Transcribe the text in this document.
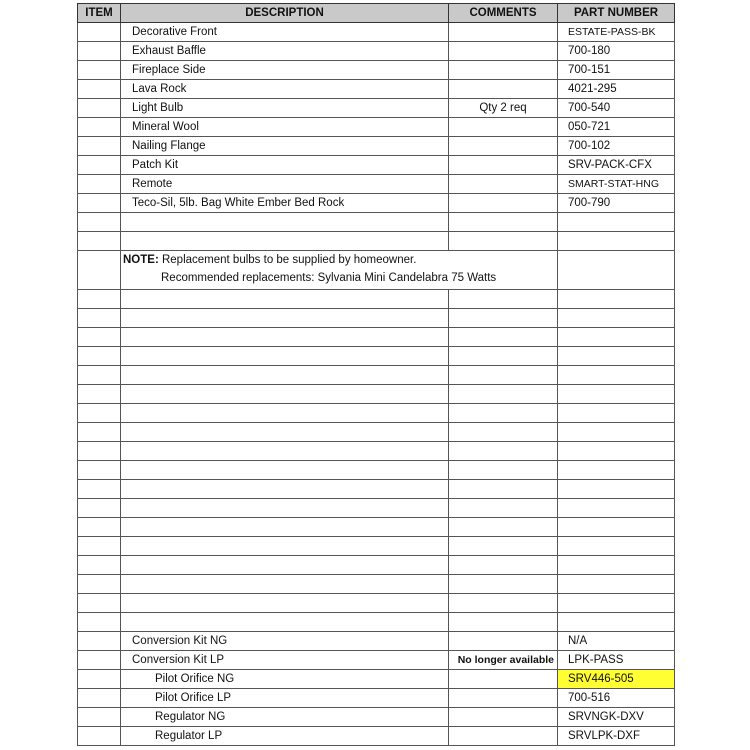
ITEM	DESCRIPTION	COMMENTS	PART NUMBER
	Decorative Front		ESTATE-PASS-BK
	Exhaust Baffle		700-180
	Fireplace Side		700-151
	Lava Rock		4021-295
	Light Bulb	Qty 2 req	700-540
	Mineral Wool		050-721
	Nailing Flange		700-102
	Patch Kit		SRV-PACK-CFX
	Remote		SMART-STAT-HNG
	Teco-Sil, 5lb. Bag White Ember Bed Rock		700-790

	NOTE: Replacement bulbs to be supplied by homeowner.
Recommended replacements: Sylvania Mini Candelabra 75 Watts		

	Conversion Kit NG		N/A
	Conversion Kit LP	No longer available	LPK-PASS
	Pilot Orifice NG		SRV446-505
	Pilot Orifice LP		700-516
	Regulator NG		SRVNGK-DXV
	Regulator LP		SRVLPK-DXF
